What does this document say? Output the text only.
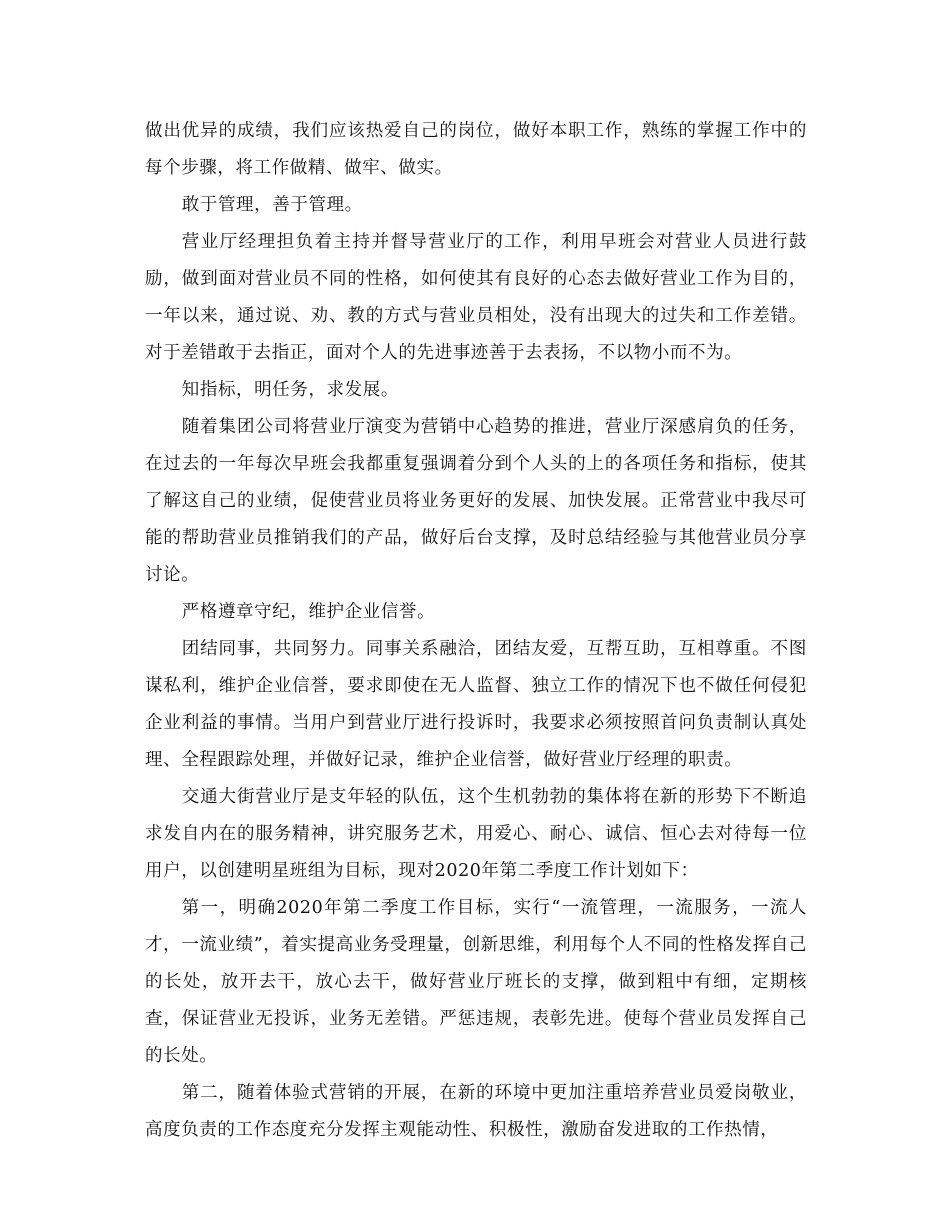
做出优异的成绩，我们应该热爱自己的岗位，做好本职工作，熟练的掌握工作中的每个步骤，将工作做精、做牢、做实。

敢于管理，善于管理。

营业厅经理担负着主持并督导营业厅的工作，利用早班会对营业人员进行鼓励，做到面对营业员不同的性格，如何使其有良好的心态去做好营业工作为目的，一年以来，通过说、劝、教的方式与营业员相处，没有出现大的过失和工作差错。对于差错敢于去指正，面对个人的先进事迹善于去表扬，不以物小而不为。

知指标，明任务，求发展。

随着集团公司将营业厅演变为营销中心趋势的推进，营业厅深感肩负的任务，在过去的一年每次早班会我都重复强调着分到个人头的上的各项任务和指标，使其了解这自己的业绩，促使营业员将业务更好的发展、加快发展。正常营业中我尽可能的帮助营业员推销我们的产品，做好后台支撑，及时总结经验与其他营业员分享讨论。

严格遵章守纪，维护企业信誉。

团结同事，共同努力。同事关系融洽，团结友爱，互帮互助，互相尊重。不图谋私利，维护企业信誉，要求即使在无人监督、独立工作的情况下也不做任何侵犯企业利益的事情。当用户到营业厅进行投诉时，我要求必须按照首问负责制认真处理、全程跟踪处理，并做好记录，维护企业信誉，做好营业厅经理的职责。

交通大街营业厅是支年轻的队伍，这个生机勃勃的集体将在新的形势下不断追求发自内在的服务精神，讲究服务艺术，用爱心、耐心、诚信、恒心去对待每一位用户，以创建明星班组为目标，现对2020年第二季度工作计划如下：

第一，明确2020年第二季度工作目标，实行“一流管理，一流服务，一流人才，一流业绩”，着实提高业务受理量，创新思维，利用每个人不同的性格发挥自己的长处，放开去干，放心去干，做好营业厅班长的支撑，做到粗中有细，定期核查，保证营业无投诉，业务无差错。严惩违规，表彰先进。使每个营业员发挥自己的长处。

第二，随着体验式营销的开展，在新的环境中更加注重培养营业员爱岗敬业，高度负责的工作态度充分发挥主观能动性、积极性，激励奋发进取的工作热情，
